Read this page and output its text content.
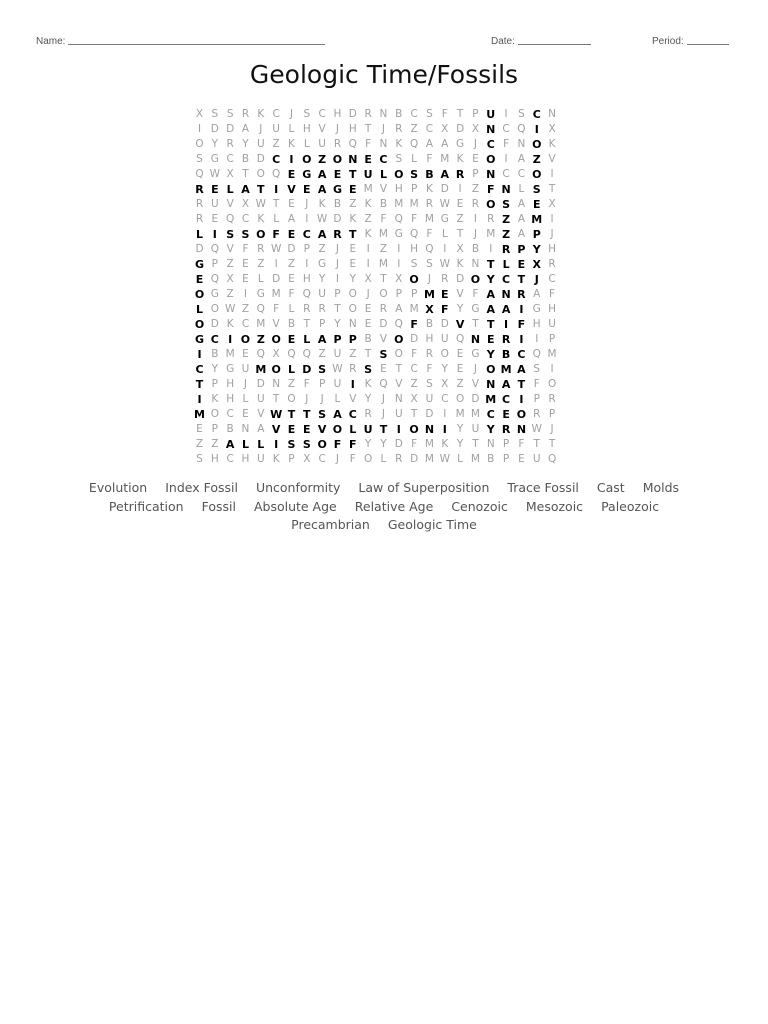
Name:	Date:	Period:
Geologic Time/Fossils
X S S R K C J S C H D R N B C S F T P U I S C N
I D D A J U L H V J H T	J R Z C X D X N C Q I X
O Y R Y U Z K L U R Q F N K Q A A G J C F N O K
S G C B D C I O Z O N E C S L F M K E O I A Z V
Q W X T O Q E G A E T U L O S B A R P N C C O I
R E L A T I V E A G E M V H P K D I Z F N L S T
R U V X W T E J K B Z K B M M R W E R O S A E X
R E Q C K L A I W D K Z F Q F M G Z I R Z A M I
L I S S O F E C A R T K M G Q F L T	J M Z A P J
D Q V F R W D P Z J E I Z I H Q I X B I R P Y H
G P Z E Z I Z I G J E I M I S S W K N T L E X R
E Q X E L D E H Y	I	Y X T X O J R D O Y C T J C
O G Z I G M F Q U P O J O P P M E V F A N R A F
L O W Z Q F L R R T O E R A M X F Y G A A I G H
O D K C M V B T P Y N E D Q F B D V T T I F H U
G C I O Z O E L A P P B V O D H U Q N E R I	I	P
I B M E Q X Q Q Z U Z T S O F R O E G Y B C Q M
C Y G U M O L D S W R S E T C F Y E J O M A S I
T P H J D N Z F P U I K Q V Z S X Z V N A T F O
I K H L U T O J	J	L V Y	J N X U C O D M C I P R
M O C E V W T T S A C R J U T D I M M C E O R P
E P B N A V E E V O L U T I O N I Y U Y R N W J
Z Z A L L I S S O F F Y Y D F M K Y T N P F T T
S H C H U K P X C J	F O L R D M W L M B P E U Q
Evolution Index Fossil Unconformity Law of Superposition Trace Fossil Cast MoldsPetrification Fossil Absolute Age Relative Age Cenozoic Mesozoic PaleozoicPrecambrian Geologic Time
